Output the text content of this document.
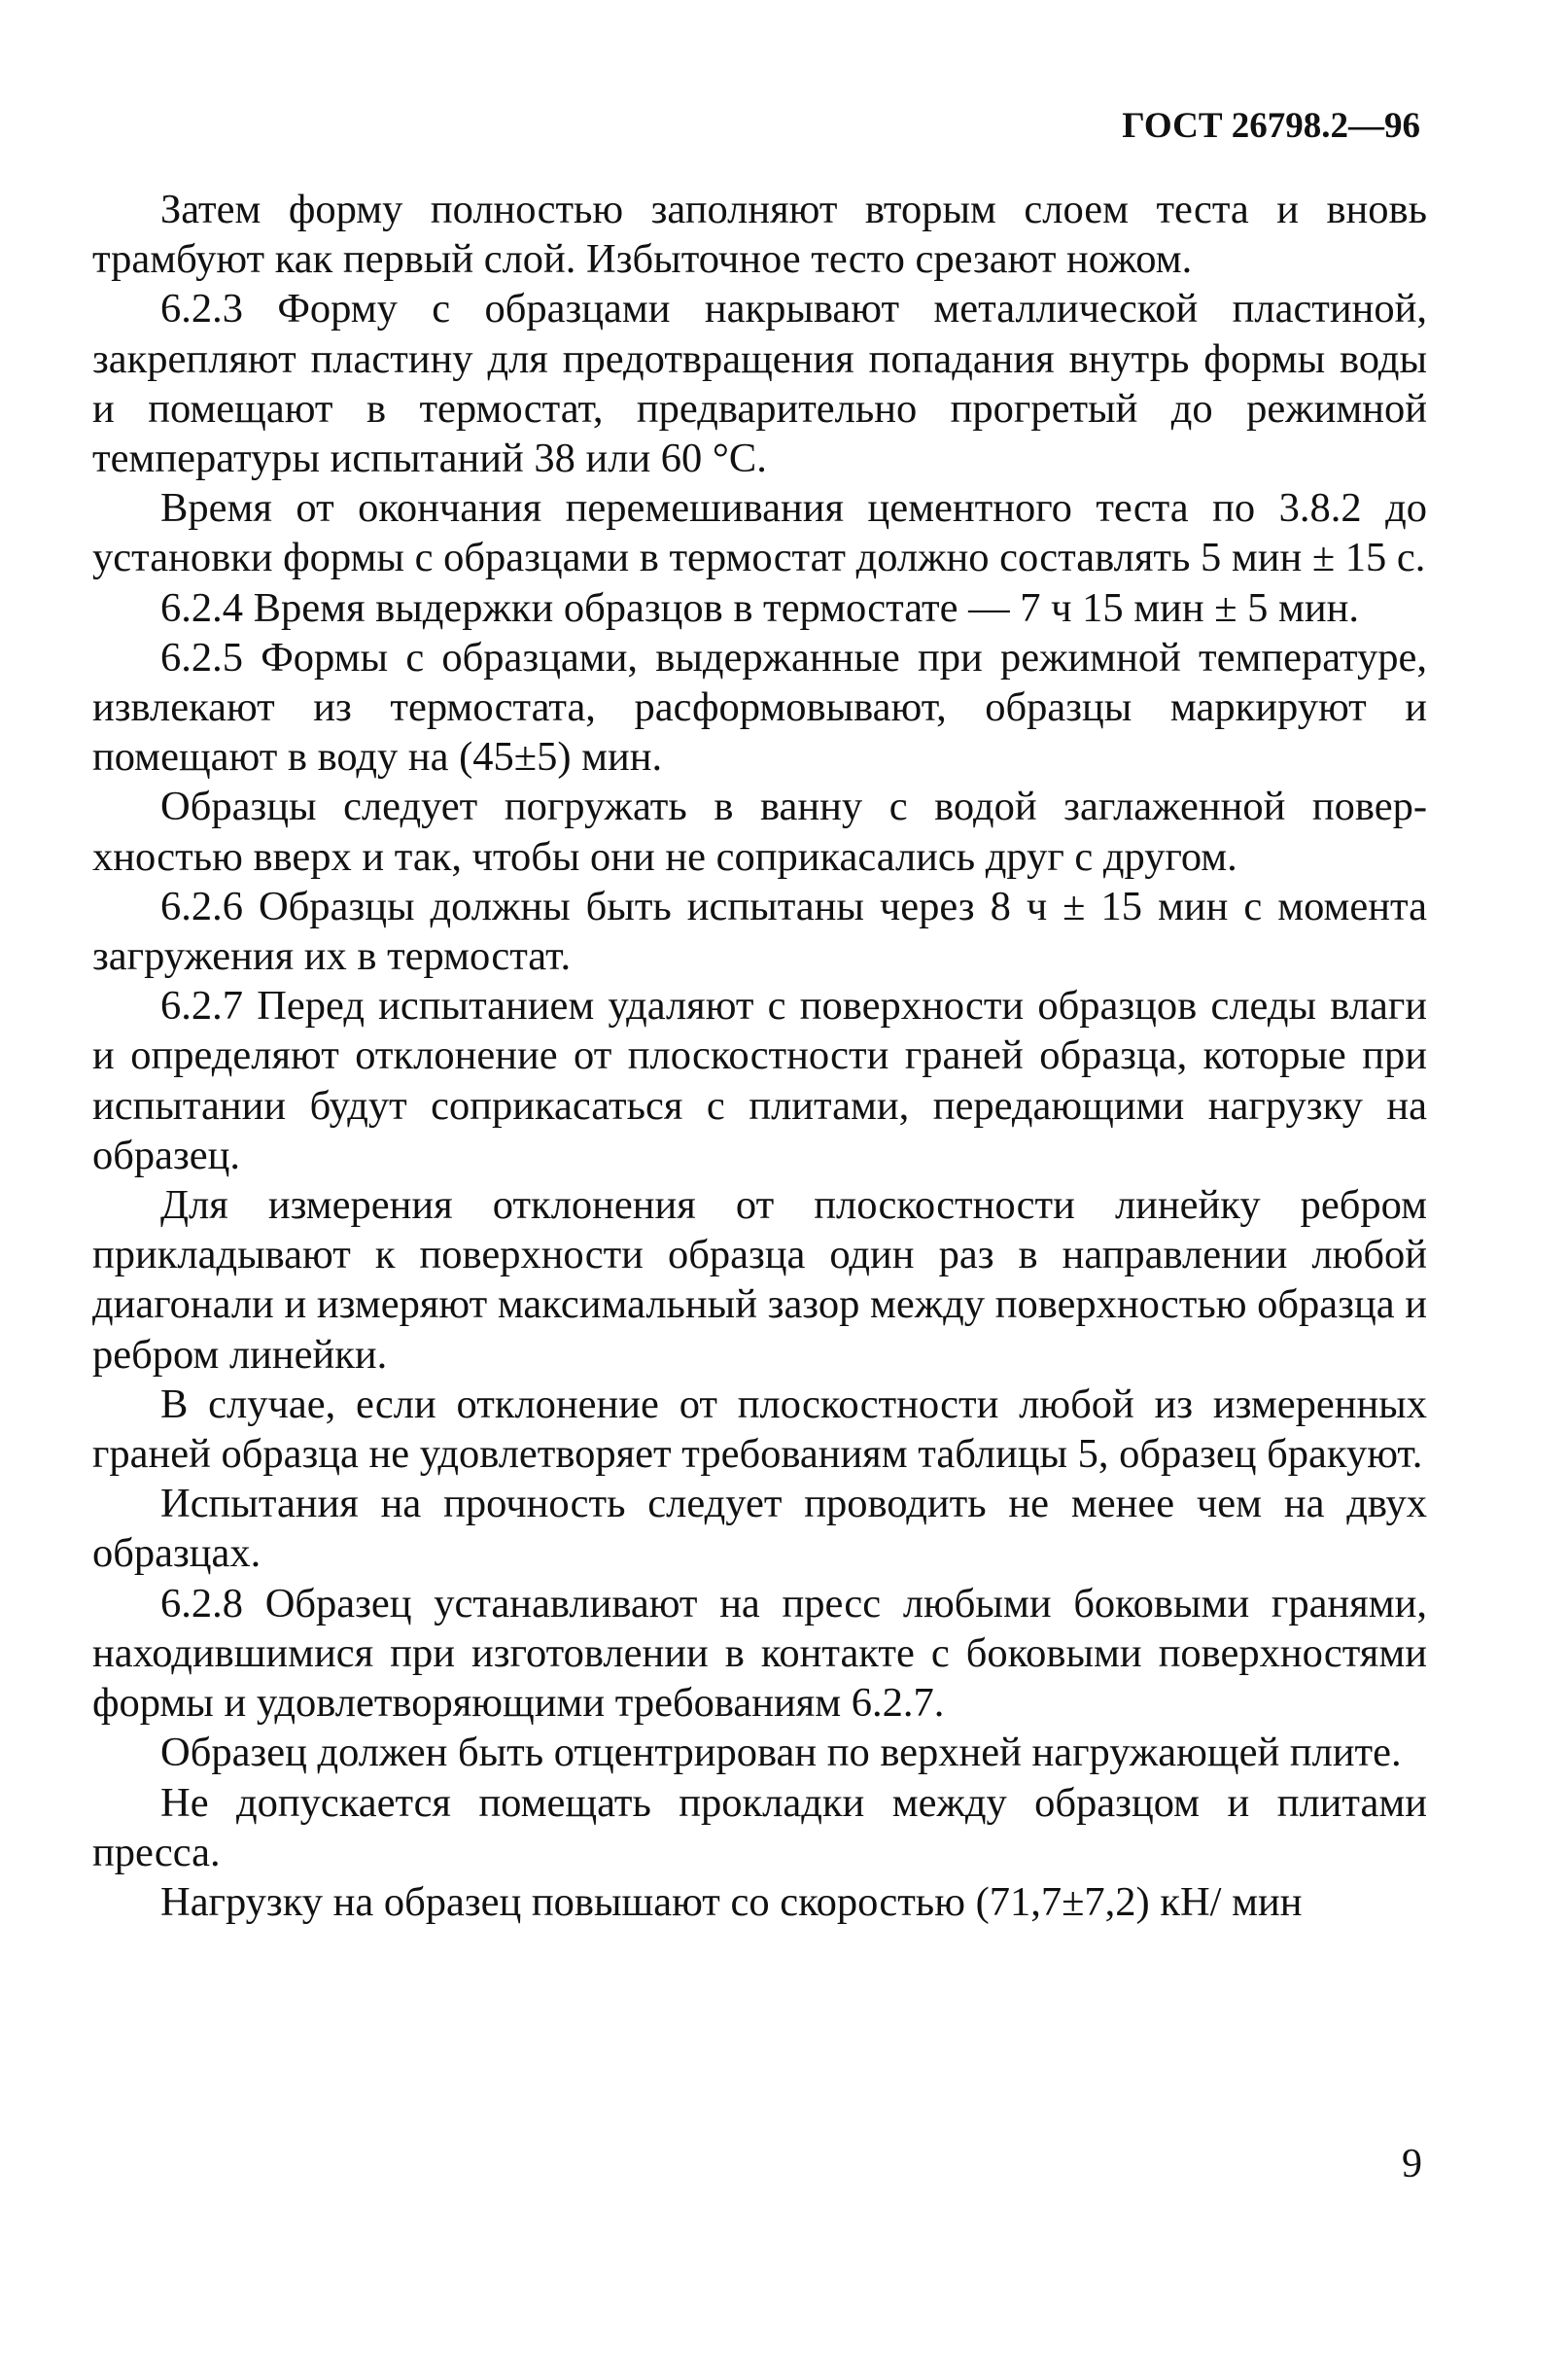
ГОСТ 26798.2—96

Затем форму полностью заполняют вторым слоем теста и вновь трамбуют как первый слой. Избыточное тесто срезают ножом.

6.2.3 Форму с образцами накрывают металлической пластиной, закрепляют пластину для предотвращения попадания внутрь формы воды и помещают в термостат, предварительно прогретый до режимной температуры испытаний 38 или 60 °С.

Время от окончания перемешивания цементного теста по 3.8.2 до установки формы с образцами в термостат должно составлять 5 мин ± 15 с.

6.2.4 Время выдержки образцов в термостате — 7 ч 15 мин ± 5 мин.

6.2.5 Формы с образцами, выдержанные при режимной температуре, извлекают из термостата, расформовывают, образцы маркируют и помещают в воду на (45±5) мин.

Образцы следует погружать в ванну с водой заглаженной поверхностью вверх и так, чтобы они не соприкасались друг с другом.

6.2.6 Образцы должны быть испытаны через 8 ч ± 15 мин с момента загружения их в термостат.

6.2.7 Перед испытанием удаляют с поверхности образцов следы влаги и определяют отклонение от плоскостности граней образца, которые при испытании будут соприкасаться с плитами, передающими нагрузку на образец.

Для измерения отклонения от плоскостности линейку ребром прикладывают к поверхности образца один раз в направлении любой диагонали и измеряют максимальный зазор между поверхностью образца и ребром линейки.

В случае, если отклонение от плоскостности любой из измеренных граней образца не удовлетворяет требованиям таблицы 5, образец бракуют.

Испытания на прочность следует проводить не менее чем на двух образцах.

6.2.8 Образец устанавливают на пресс любыми боковыми гранями, находившимися при изготовлении в контакте с боковыми поверхностями формы и удовлетворяющими требованиям 6.2.7.

Образец должен быть отцентрирован по верхней нагружающей плите.

Не допускается помещать прокладки между образцом и плитами пресса.

Нагрузку на образец повышают со скоростью (71,7±7,2) кН/ мин

9
